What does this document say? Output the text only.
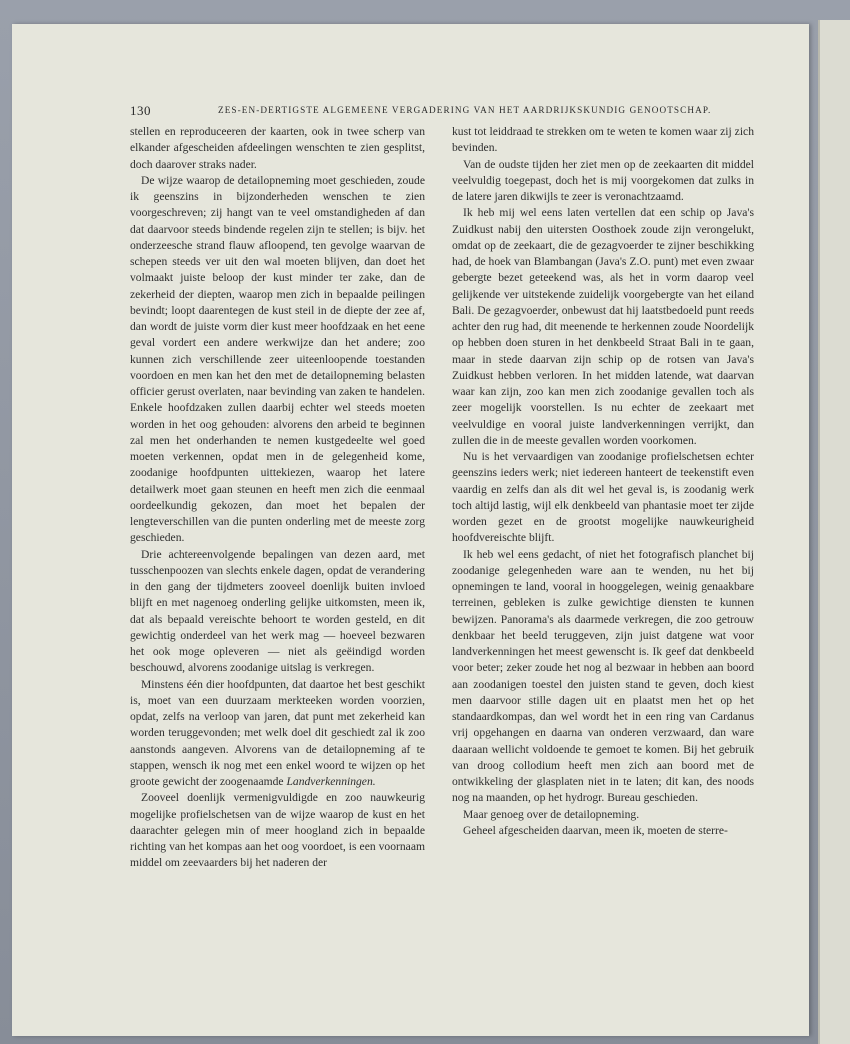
130	ZES-EN-DERTIGSTE ALGEMEENE VERGADERING VAN HET AARDRIJKSKUNDIG GENOOTSCHAP.

stellen en reproduceeren der kaarten, ook in twee scherp van elkander afgescheiden afdeelingen wenschten te zien gesplitst, doch daarover straks nader.

De wijze waarop de detailopneming moet geschieden, zoude ik geenszins in bijzonderheden wenschen te zien voorgeschreven; zij hangt van te veel omstandigheden af dan dat daarvoor steeds bindende regelen zijn te stellen; is bijv. het onderzeesche strand flauw afloopend, ten gevolge waarvan de schepen steeds ver uit den wal moeten blijven, dan doet het volmaakt juiste beloop der kust minder ter zake, dan de zekerheid der diepten, waarop men zich in bepaalde peilingen bevindt; loopt daarentegen de kust steil in de diepte der zee af, dan wordt de juiste vorm dier kust meer hoofdzaak en het eene geval vordert een andere werkwijze dan het andere; zoo kunnen zich verschillende zeer uiteenloopende toestanden voordoen en men kan het den met de detailopneming belasten officier gerust overlaten, naar bevinding van zaken te handelen. Enkele hoofdzaken zullen daarbij echter wel steeds moeten worden in het oog gehouden: alvorens den arbeid te beginnen zal men het onderhanden te nemen kustgedeelte wel goed moeten verkennen, opdat men in de gelegenheid kome, zoodanige hoofdpunten uittekiezen, waarop het latere detailwerk moet gaan steunen en heeft men zich die eenmaal oordeelkundig gekozen, dan moet het bepalen der lengteverschillen van die punten onderling met de meeste zorg geschieden.

Drie achtereenvolgende bepalingen van dezen aard, met tusschenpoozen van slechts enkele dagen, opdat de verandering in den gang der tijdmeters zooveel doenlijk buiten invloed blijft en met nagenoeg onderling gelijke uitkomsten, meen ik, dat als bepaald vereischte behoort te worden gesteld, en dit gewichtig onderdeel van het werk mag — hoeveel bezwaren het ook moge opleveren — niet als geëindigd worden beschouwd, alvorens zoodanige uitslag is verkregen.

Minstens één dier hoofdpunten, dat daartoe het best geschikt is, moet van een duurzaam merkteeken worden voorzien, opdat, zelfs na verloop van jaren, dat punt met zekerheid kan worden teruggevonden; met welk doel dit geschiedt zal ik zoo aanstonds aangeven. Alvorens van de detailopneming af te stappen, wensch ik nog met een enkel woord te wijzen op het groote gewicht der zoogenaamde Landverkenningen.

Zooveel doenlijk vermenigvuldigde en zoo nauwkeurig mogelijke profielschetsen van de wijze waarop de kust en het daarachter gelegen min of meer hoogland zich in bepaalde richting van het kompas aan het oog voordoet, is een voornaam middel om zeevaarders bij het naderen der

kust tot leiddraad te strekken om te weten te komen waar zij zich bevinden.

Van de oudste tijden her ziet men op de zeekaarten dit middel veelvuldig toegepast, doch het is mij voorgekomen dat zulks in de latere jaren dikwijls te zeer is veronachtzaamd.

Ik heb mij wel eens laten vertellen dat een schip op Java's Zuidkust nabij den uitersten Oosthoek zoude zijn verongelukt, omdat op de zeekaart, die de gezagvoerder te zijner beschikking had, de hoek van Blambangan (Java's Z.O. punt) met even zwaar gebergte bezet geteekend was, als het in vorm daarop veel gelijkende ver uitstekende zuidelijk voorgebergte van het eiland Bali. De gezagvoerder, onbewust dat hij laatstbedoeld punt reeds achter den rug had, dit meenende te herkennen zoude Noordelijk op hebben doen sturen in het denkbeeld Straat Bali in te gaan, maar in stede daarvan zijn schip op de rotsen van Java's Zuidkust hebben verloren. In het midden latende, wat daarvan waar kan zijn, zoo kan men zich zoodanige gevallen toch als zeer mogelijk voorstellen. Is nu echter de zeekaart met veelvuldige en vooral juiste landverkenningen verrijkt, dan zullen die in de meeste gevallen worden voorkomen.

Nu is het vervaardigen van zoodanige profielschetsen echter geenszins ieders werk; niet iedereen hanteert de teekenstift even vaardig en zelfs dan als dit wel het geval is, is zoodanig werk toch altijd lastig, wijl elk denkbeeld van phantasie moet ter zijde worden gezet en de grootst mogelijke nauwkeurigheid hoofdvereischte blijft.

Ik heb wel eens gedacht, of niet het fotografisch planchet bij zoodanige gelegenheden ware aan te wenden, nu het bij opnemingen te land, vooral in hooggelegen, weinig genaakbare terreinen, gebleken is zulke gewichtige diensten te kunnen bewijzen. Panorama's als daarmede verkregen, die zoo getrouw denkbaar het beeld teruggeven, zijn juist datgene wat voor landverkenningen het meest gewenscht is. Ik geef dat denkbeeld voor beter; zeker zoude het nog al bezwaar in hebben aan boord aan zoodanigen toestel den juisten stand te geven, doch kiest men daarvoor stille dagen uit en plaatst men het op het standaardkompas, dan wel wordt het in een ring van Cardanus vrij opgehangen en daarna van onderen verzwaard, dan ware daaraan wellicht voldoende te gemoet te komen. Bij het gebruik van droog collodium heeft men zich aan boord met de ontwikkeling der glasplaten niet in te laten; dit kan, des noods nog na maanden, op het hydrogr. Bureau geschieden.

Maar genoeg over de detailopneming.

Geheel afgescheiden daarvan, meen ik, moeten de sterre-
